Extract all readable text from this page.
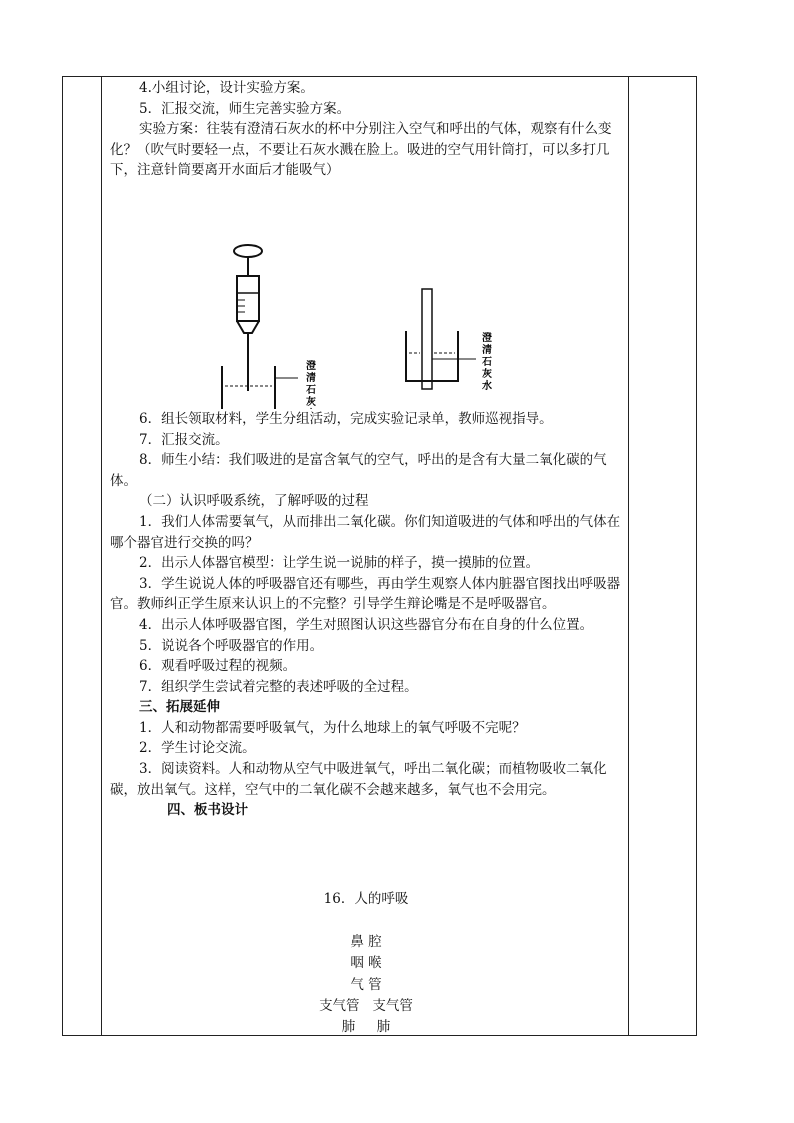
4.小组讨论，设计实验方案。

5．汇报交流，师生完善实验方案。

实验方案：往装有澄清石灰水的杯中分别注入空气和呼出的气体，观察有什么变化？（吹气时要轻一点，不要让石灰水溅在脸上。吸进的空气用针筒打，可以多打几下，注意针筒要离开水面后才能吸气）

澄
清
石
灰
澄
清
石
灰
水

6．组长领取材料，学生分组活动，完成实验记录单，教师巡视指导。

7．汇报交流。

8．师生小结：我们吸进的是富含氧气的空气，呼出的是含有大量二氧化碳的气体。

（二）认识呼吸系统，了解呼吸的过程

1．我们人体需要氧气，从而排出二氧化碳。你们知道吸进的气体和呼出的气体在哪个器官进行交换的吗？

2．出示人体器官模型：让学生说一说肺的样子，摸一摸肺的位置。

3．学生说说人体的呼吸器官还有哪些，再由学生观察人体内脏器官图找出呼吸器官。教师纠正学生原来认识上的不完整？引导学生辩论嘴是不是呼吸器官。

4．出示人体呼吸器官图，学生对照图认识这些器官分布在自身的什么位置。

5．说说各个呼吸器官的作用。

6．观看呼吸过程的视频。

7．组织学生尝试着完整的表述呼吸的全过程。

三、拓展延伸

1．人和动物都需要呼吸氧气，为什么地球上的氧气呼吸不完呢？

2．学生讨论交流。

3．阅读资料。人和动物从空气中吸进氧气，呼出二氧化碳；而植物吸收二氧化碳，放出氧气。这样，空气中的二氧化碳不会越来越多，氧气也不会用完。

四、板书设计

16．人的呼吸
鼻 腔
咽 喉
气 管
支气管   支气管
肺     肺
